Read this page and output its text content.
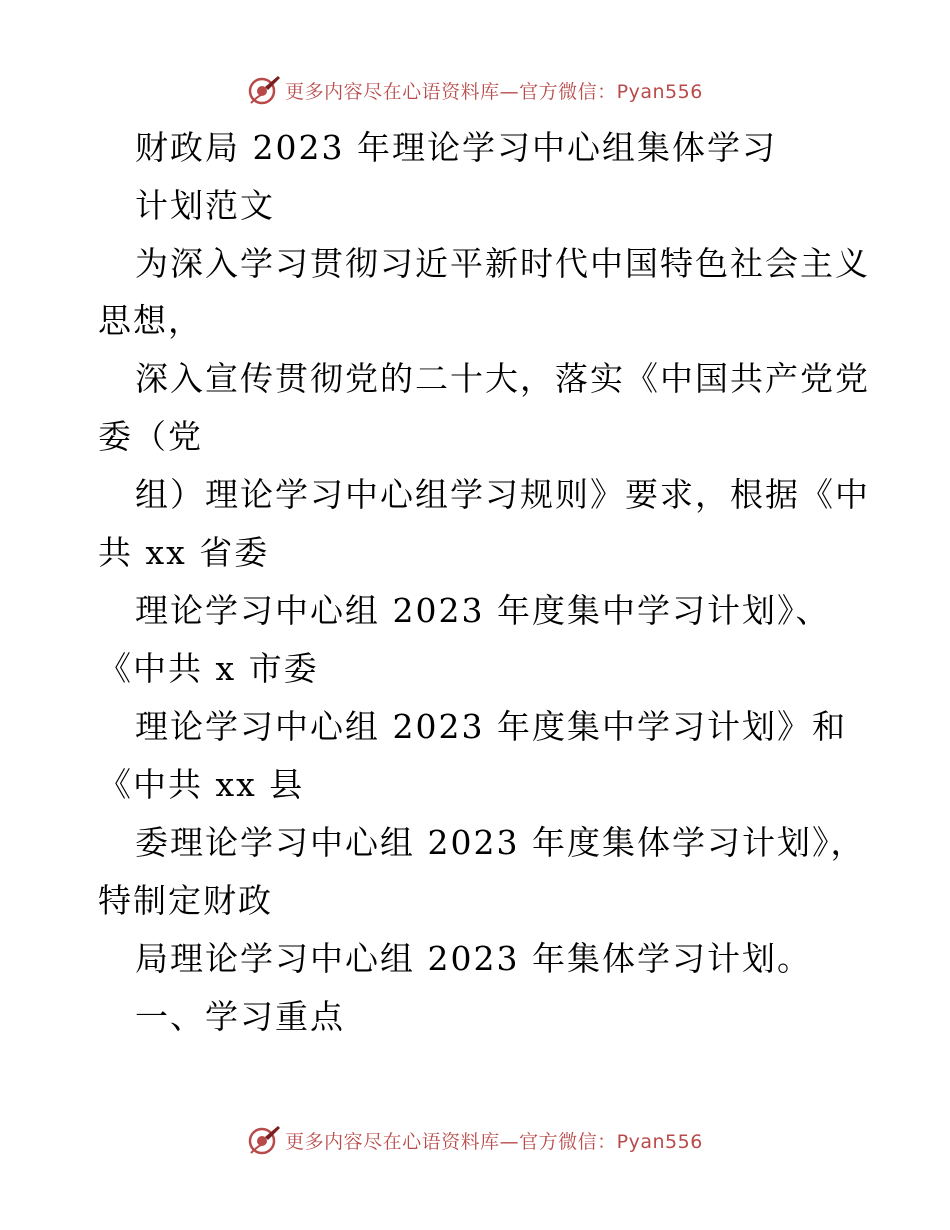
更多内容尽在心语资料库—官方微信：Pyan556
财政局 2023 年理论学习中心组集体学习
计划范文
为深入学习贯彻习近平新时代中国特色社会主义
思想，
深入宣传贯彻党的二十大，落实《中国共产党党
委（党
组）理论学习中心组学习规则》要求，根据《中
共 xx 省委
理论学习中心组 2023 年度集中学习计划》、
《中共 x 市委
理论学习中心组 2023 年度集中学习计划》和
《中共 xx 县
委理论学习中心组 2023 年度集体学习计划》，
特制定财政
局理论学习中心组 2023 年集体学习计划。
一、学习重点
更多内容尽在心语资料库—官方微信：Pyan556
